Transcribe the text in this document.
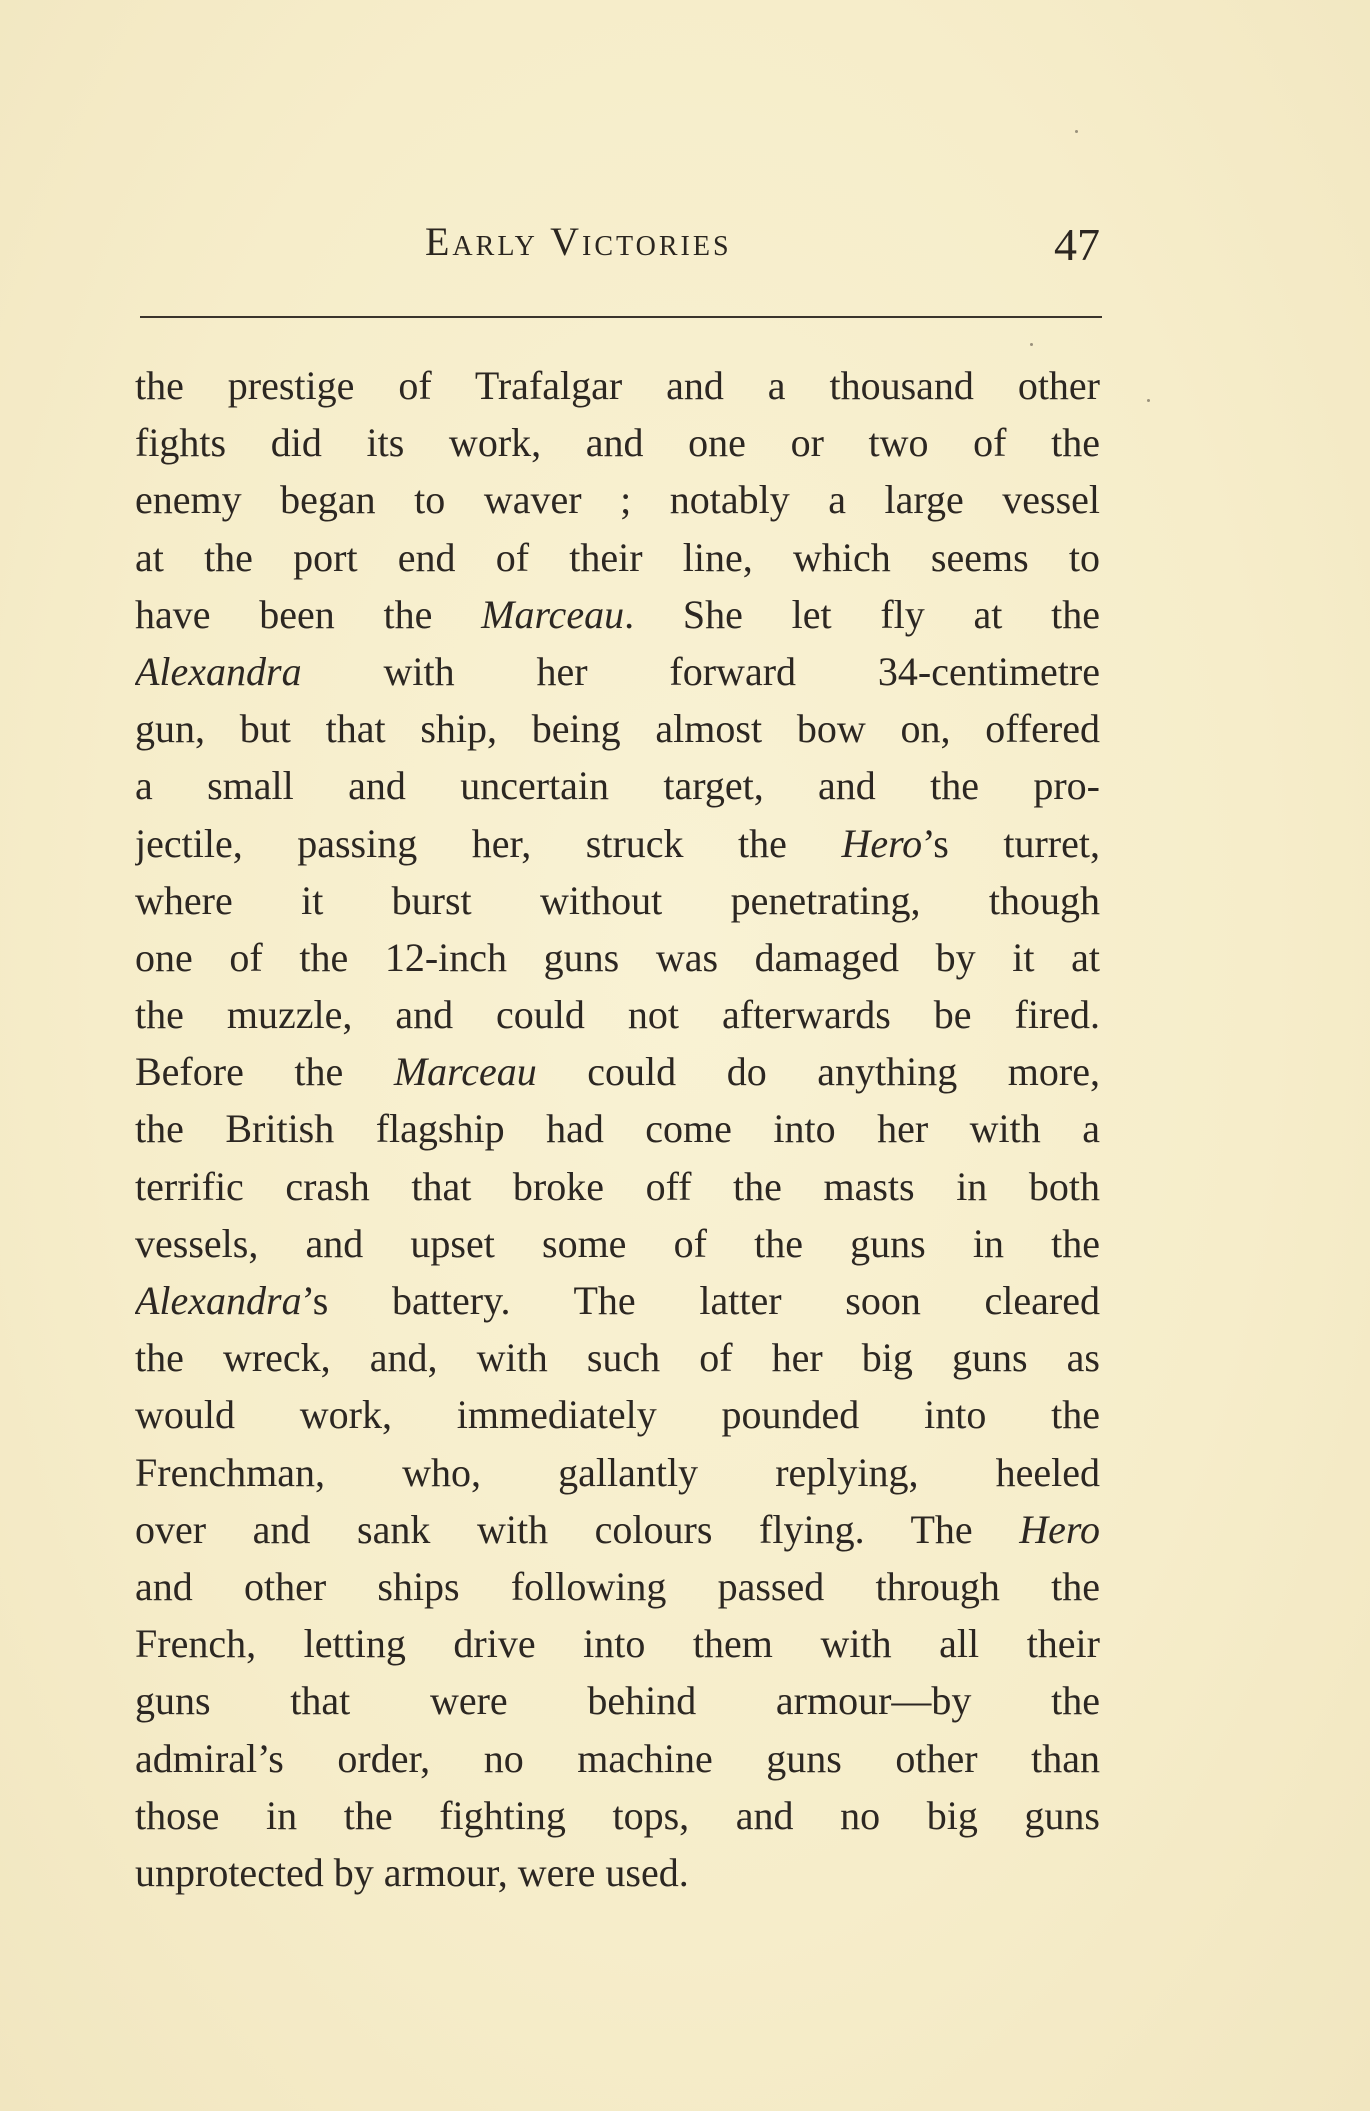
Early Victories	47

the prestige of Trafalgar and a thousand other
fights did its work, and one or two of the
enemy began to waver ; notably a large vessel
at the port end of their line, which seems to
have been the Marceau. She let fly at the
Alexandra with her forward 34-centimetre
gun, but that ship, being almost bow on, offered
a small and uncertain target, and the pro-
jectile, passing her, struck the Hero’s turret,
where it burst without penetrating, though
one of the 12-inch guns was damaged by it at
the muzzle, and could not afterwards be fired.
Before the Marceau could do anything more,
the British flagship had come into her with a
terrific crash that broke off the masts in both
vessels, and upset some of the guns in the
Alexandra’s battery. The latter soon cleared
the wreck, and, with such of her big guns as
would work, immediately pounded into the
Frenchman, who, gallantly replying, heeled
over and sank with colours flying. The Hero
and other ships following passed through the
French, letting drive into them with all their
guns that were behind armour—by the
admiral’s order, no machine guns other than
those in the fighting tops, and no big guns
unprotected by armour, were used.
